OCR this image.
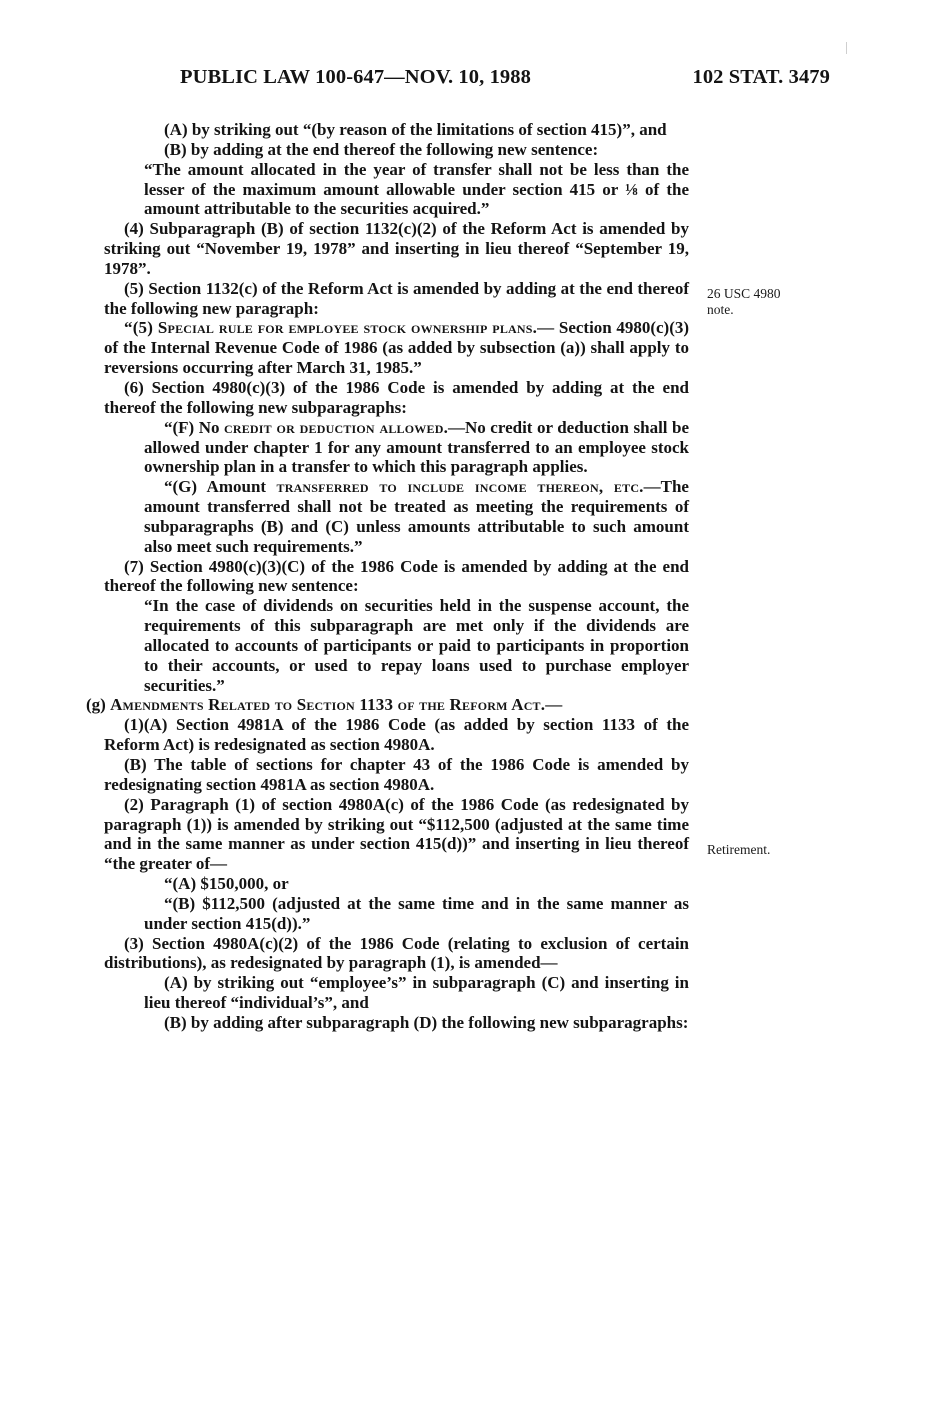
PUBLIC LAW 100-647—NOV. 10, 1988	102 STAT. 3479
26 USC 4980 note.
Retirement.

(A) by striking out “(by reason of the limitations of section 415)”, and

(B) by adding at the end thereof the following new sentence:

“The amount allocated in the year of transfer shall not be less than the lesser of the maximum amount allowable under section 415 or ⅛ of the amount attributable to the securities acquired.”

(4) Subparagraph (B) of section 1132(c)(2) of the Reform Act is amended by striking out “November 19, 1978” and inserting in lieu thereof “September 19, 1978”.

(5) Section 1132(c) of the Reform Act is amended by adding at the end thereof the following new paragraph:

“(5) Special rule for employee stock ownership plans.— Section 4980(c)(3) of the Internal Revenue Code of 1986 (as added by subsection (a)) shall apply to reversions occurring after March 31, 1985.”

(6) Section 4980(c)(3) of the 1986 Code is amended by adding at the end thereof the following new subparagraphs:

“(F) No credit or deduction allowed.—No credit or deduction shall be allowed under chapter 1 for any amount transferred to an employee stock ownership plan in a transfer to which this paragraph applies.

“(G) Amount transferred to include income thereon, etc.—The amount transferred shall not be treated as meeting the requirements of subparagraphs (B) and (C) unless amounts attributable to such amount also meet such requirements.”

(7) Section 4980(c)(3)(C) of the 1986 Code is amended by adding at the end thereof the following new sentence:

“In the case of dividends on securities held in the suspense account, the requirements of this subparagraph are met only if the dividends are allocated to accounts of participants or paid to participants in proportion to their accounts, or used to repay loans used to purchase employer securities.”

(g) Amendments Related to Section 1133 of the Reform Act.—

(1)(A) Section 4981A of the 1986 Code (as added by section 1133 of the Reform Act) is redesignated as section 4980A.

(B) The table of sections for chapter 43 of the 1986 Code is amended by redesignating section 4981A as section 4980A.

(2) Paragraph (1) of section 4980A(c) of the 1986 Code (as redesignated by paragraph (1)) is amended by striking out “$112,500 (adjusted at the same time and in the same manner as under section 415(d))” and inserting in lieu thereof “the greater of—

“(A) $150,000, or

“(B) $112,500 (adjusted at the same time and in the same manner as under section 415(d)).”

(3) Section 4980A(c)(2) of the 1986 Code (relating to exclusion of certain distributions), as redesignated by paragraph (1), is amended—

(A) by striking out “employee’s” in subparagraph (C) and inserting in lieu thereof “individual’s”, and

(B) by adding after subparagraph (D) the following new subparagraphs:
